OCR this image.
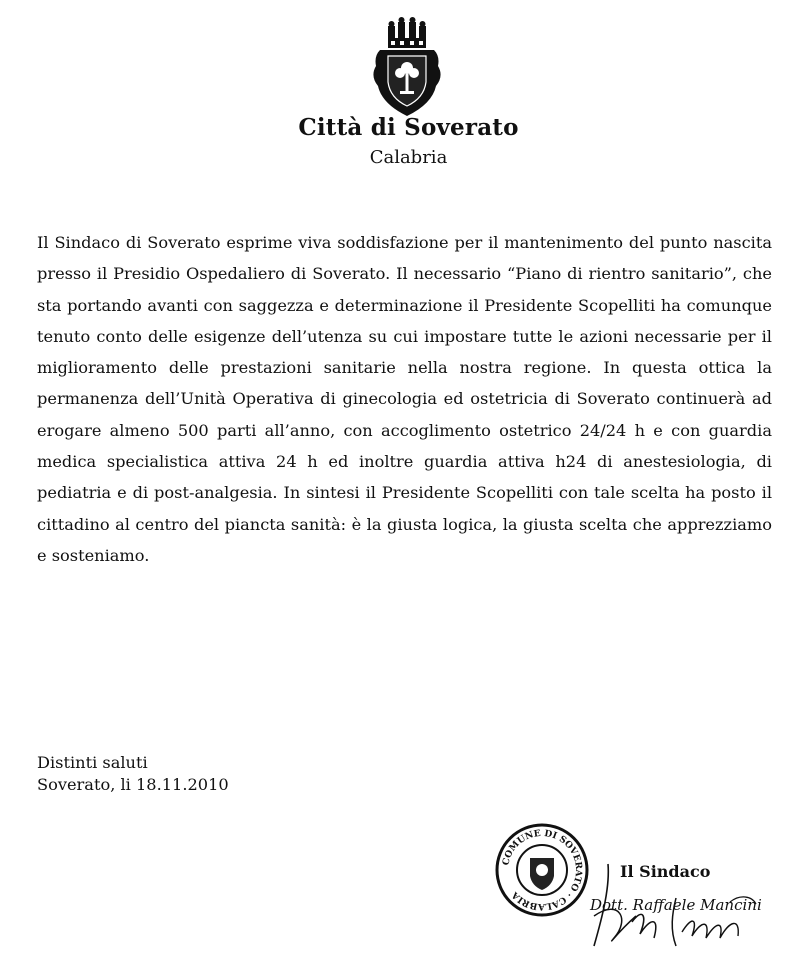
Città di Soverato
Calabria

Il Sindaco di Soverato esprime viva soddisfazione per il mantenimento del punto nascita presso il Presidio Ospedaliero di Soverato. Il necessario “Piano di rientro sanitario”, che sta portando avanti con saggezza e determinazione il Presidente Scopelliti ha comunque tenuto conto delle esigenze dell’utenza su cui impostare tutte le azioni necessarie per il miglioramento delle prestazioni sanitarie nella nostra regione. In questa ottica la permanenza dell’Unità Operativa di ginecologia ed ostetricia di Soverato continuerà ad erogare almeno 500 parti all’anno, con accoglimento ostetrico 24/24 h e con guardia medica specialistica attiva 24 h ed inoltre guardia attiva h24 di anestesiologia, di pediatria e di post-analgesia. In sintesi il Presidente Scopelliti con tale scelta ha posto il cittadino al centro del piancta sanità: è la giusta logica, la giusta scelta che apprezziamo e sosteniamo.

Distinti saluti
Soverato, li 18.11.2010
COMUNE DI SOVERATO · CALABRIA
Il Sindaco
Dott. Raffaele Mancini
